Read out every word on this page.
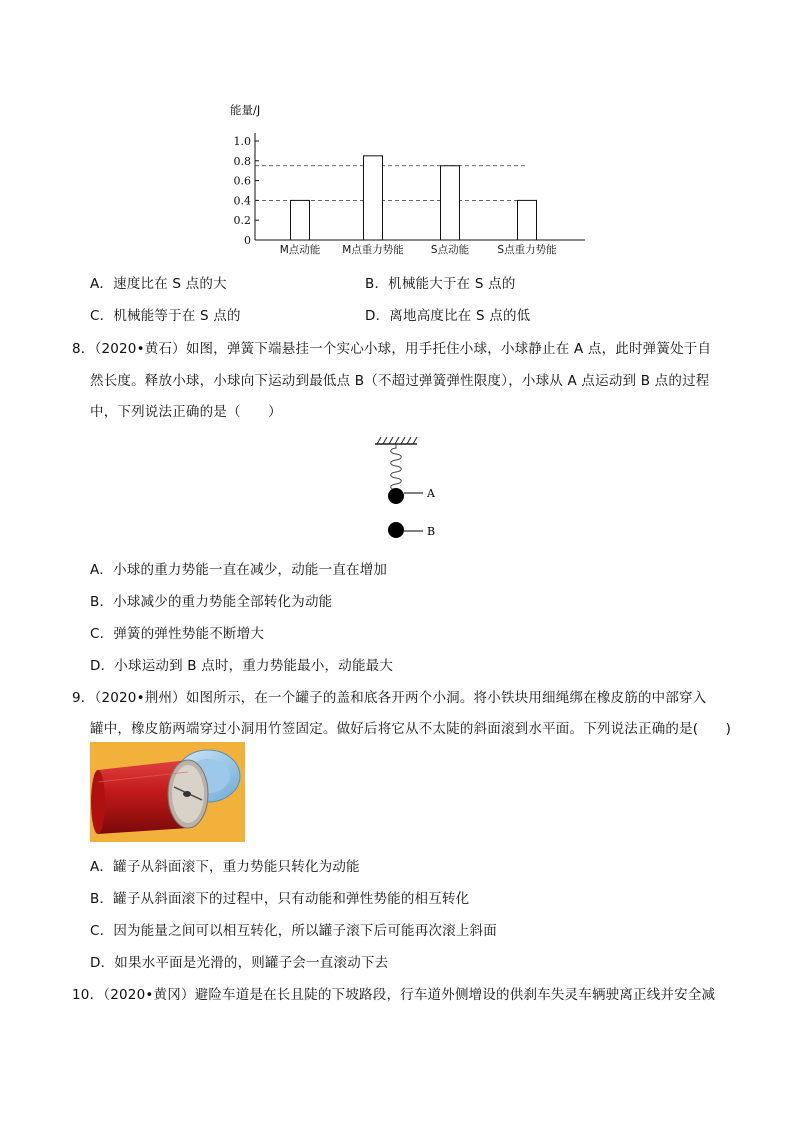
能量/J
0
0.2
0.4
0.6
0.8
1.0
M点动能 M点重力势能	S点动能	S点重力势能
A．速度比在 S 点的大	B．机械能大于在 S 点的
C．机械能等于在 S 点的	D．离地高度比在 S 点的低
8．（2020•黄石）如图，弹簧下端悬挂一个实心小球，用手托住小球，小球静止在 A 点，此时弹簧处于自
然长度。释放小球，小球向下运动到最低点 B（不超过弹簧弹性限度），小球从 A 点运动到 B 点的过程
中，下列说法正确的是（　　）
A
B
A．小球的重力势能一直在减少，动能一直在增加
B．小球减少的重力势能全部转化为动能
C．弹簧的弹性势能不断增大
D．小球运动到 B 点时，重力势能最小，动能最大
9．（2020•荆州）如图所示，在一个罐子的盖和底各开两个小洞。将小铁块用细绳绑在橡皮筋的中部穿入
罐中，橡皮筋两端穿过小洞用竹签固定。做好后将它从不太陡的斜面滚到水平面。下列说法正确的是(　　)
A．罐子从斜面滚下，重力势能只转化为动能
B．罐子从斜面滚下的过程中，只有动能和弹性势能的相互转化
C．因为能量之间可以相互转化，所以罐子滚下后可能再次滚上斜面
D．如果水平面是光滑的，则罐子会一直滚动下去
10．（2020•黄冈）避险车道是在长且陡的下坡路段，行车道外侧增设的供刹车失灵车辆驶离正线并安全减
